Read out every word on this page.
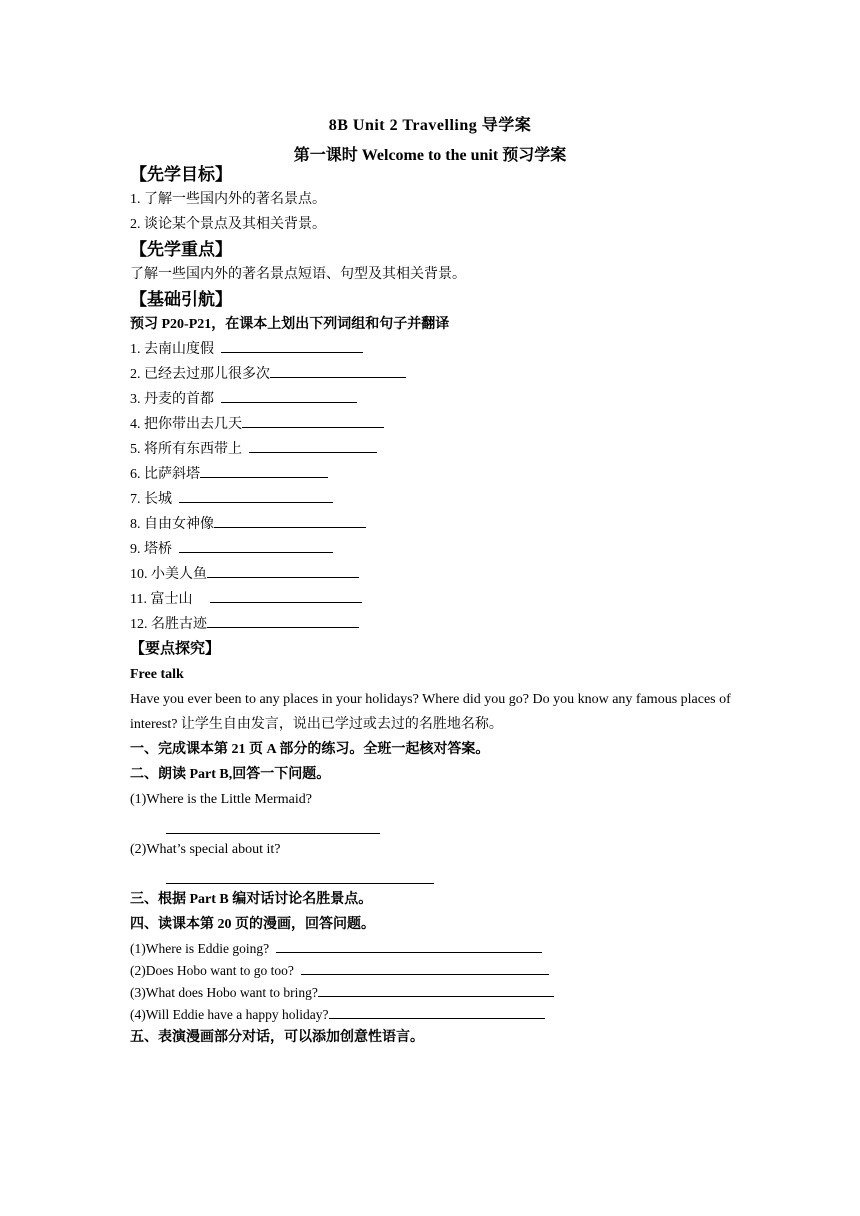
8B Unit 2 Travelling 导学案
第一课时 Welcome to the unit 预习学案
【先学目标】
1. 了解一些国内外的著名景点。
2. 谈论某个景点及其相关背景。
【先学重点】
了解一些国内外的著名景点短语、句型及其相关背景。
【基础引航】
预习 P20-P21，在课本上划出下列词组和句子并翻译
1. 去南山度假
2. 已经去过那儿很多次
3. 丹麦的首都
4. 把你带出去几天
5. 将所有东西带上
6. 比萨斜塔
7. 长城
8. 自由女神像
9. 塔桥
10. 小美人鱼
11. 富士山
12. 名胜古迹
【要点探究】
Free talk
Have you ever been to any places in your holidays? Where did you go? Do you know any famous places of interest? 让学生自由发言，说出已学过或去过的名胜地名称。
一、完成课本第 21 页 A 部分的练习。全班一起核对答案。
二、朗读 Part B,回答一下问题。
(1)Where is the Little Mermaid?
(2)What’s special about it?
三、根据 Part B 编对话讨论名胜景点。
四、读课本第 20 页的漫画，回答问题。
(1)Where is Eddie going?
(2)Does Hobo want to go too?
(3)What does Hobo want to bring?
(4)Will Eddie have a happy holiday?
五、表演漫画部分对话，可以添加创意性语言。
